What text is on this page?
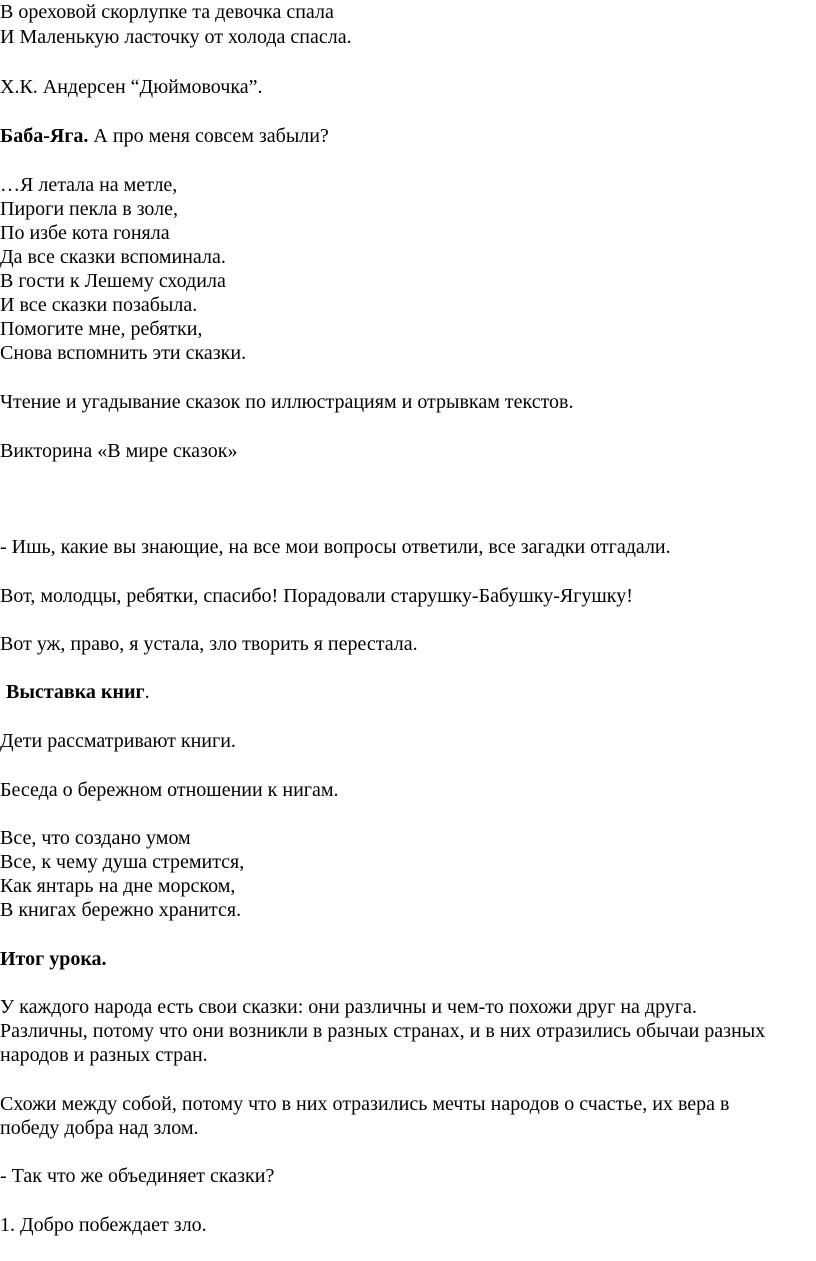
В ореховой скорлупке та девочка спала
И Маленькую ласточку от холода спасла.
Х.К. Андерсен “Дюймовочка”.
Баба-Яга. А про меня совсем забыли?
…Я летала на метле,
Пироги пекла в золе,
По избе кота гоняла
Да все сказки вспоминала.
В гости к Лешему сходила
И все сказки позабыла.
Помогите мне, ребятки,
Снова вспомнить эти сказки.
Чтение и угадывание сказок по иллюстрациям и отрывкам текстов.
Викторина «В мире сказок»
- Ишь, какие вы знающие, на все мои вопросы ответили, все загадки отгадали.
Вот, молодцы, ребятки, спасибо! Порадовали старушку-Бабушку-Ягушку!
Вот уж, право, я устала, зло творить я перестала.
Выставка книг.
Дети рассматривают книги.
Беседа о бережном отношении к нигам.
Все, что создано умом
Все, к чему душа стремится,
Как янтарь на дне морском,
В книгах бережно хранится.
Итог урока.
У каждого народа есть свои сказки: они различны и чем-то похожи друг на друга.
Различны, потому что они возникли в разных странах, и в них отразились обычаи разных
народов и разных стран.
Схожи между собой, потому что в них отразились мечты народов о счастье, их вера в
победу добра над злом.
- Так что же объединяет сказки?
1. Добро побеждает зло.
